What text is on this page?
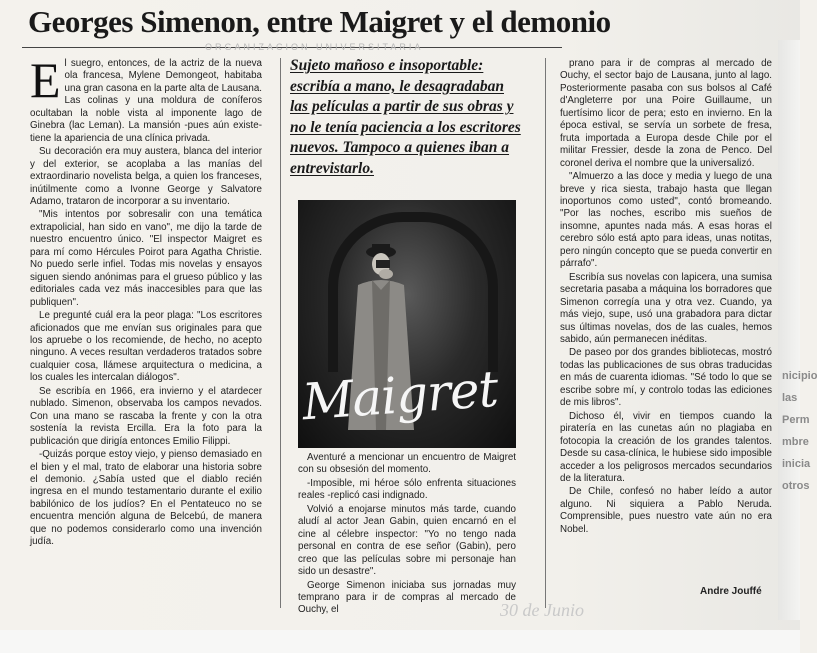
Georges Simenon, entre Maigret y el demonio
ORGANIZACION UNIVERSITARIA

El suegro, entonces, de la actriz de la nueva ola francesa, Mylene Demongeot, habitaba una gran casona en la parte alta de Lausana. Las colinas y una moldura de coníferos ocultaban la noble vista al imponente lago de Ginebra (lac Leman). La mansión -pues aún existe- tiene la apariencia de una clínica privada.

Su decoración era muy austera, blanca del interior y del exterior, se acoplaba a las manías del extraordinario novelista belga, a quien los franceses, inútilmente como a Ivonne George y Salvatore Adamo, trataron de incorporar a su inventario.

"Mis intentos por sobresalir con una temática extrapolicial, han sido en vano", me dijo la tarde de nuestro encuentro único. "El inspector Maigret es para mí como Hércules Poirot para Agatha Christie. No puedo serle infiel. Todas mis novelas y ensayos siguen siendo anónimas para el grueso público y las editoriales cada vez más inaccesibles para que las publiquen".

Le pregunté cuál era la peor plaga: "Los escritores aficionados que me envían sus originales para que los apruebe o los recomiende, de hecho, no acepto ninguno. A veces resultan verdaderos tratados sobre cualquier cosa, llámese arquitectura o medicina, a los cuales les intercalan diálogos".

Se escribía en 1966, era invierno y el atardecer nublado. Simenon, observaba los campos nevados. Con una mano se rascaba la frente y con la otra sostenía la revista Ercilla. Era la foto para la publicación que dirigía entonces Emilio Filippi.

-Quizás porque estoy viejo, y pienso demasiado en el bien y el mal, trato de elaborar una historia sobre el demonio. ¿Sabía usted que el diablo recién ingresa en el mundo testamentario durante el exilio babilónico de los judíos? En el Pentateuco no se encuentra mención alguna de Belcebú, de manera que no podemos considerarlo como una invención judía.

Sujeto mañoso e insoportable: escribía a mano, le desagradaban las películas a partir de sus obras y no le tenía paciencia a los escritores nuevos. Tampoco a quienes iban a entrevistarlo.
Maigret

Aventuré a mencionar un encuentro de Maigret con su obsesión del momento.

-Imposible, mi héroe sólo enfrenta situaciones reales -replicó casi indignado.

Volvió a enojarse minutos más tarde, cuando aludí al actor Jean Gabin, quien encarnó en el cine al célebre inspector: "Yo no tengo nada personal en contra de ese señor (Gabin), pero creo que las películas sobre mi personaje han sido un desastre".

George Simenon iniciaba sus jornadas muy temprano para ir de compras al mercado de Ouchy, el

prano para ir de compras al mercado de Ouchy, el sector bajo de Lausana, junto al lago. Posteriormente pasaba con sus bolsos al Café d'Angleterre por una Poire Guillaume, un fuertísimo licor de pera; esto en invierno. En la época estival, se servía un sorbete de fresa, fruta importada a Europa desde Chile por el militar Fressier, desde la zona de Penco. Del coronel deriva el nombre que la universalizó.

"Almuerzo a las doce y media y luego de una breve y rica siesta, trabajo hasta que llegan inoportunos como usted", contó bromeando. "Por las noches, escribo mis sueños de insomne, apuntes nada más. A esas horas el cerebro sólo está apto para ideas, unas notitas, pero ningún concepto que se pueda convertir en párrafo".

Escribía sus novelas con lapicera, una sumisa secretaria pasaba a máquina los borradores que Simenon corregía una y otra vez. Cuando, ya más viejo, supe, usó una grabadora para dictar sus últimas novelas, dos de las cuales, hemos sabido, aún permanecen inéditas.

De paseo por dos grandes bibliotecas, mostró todas las publicaciones de sus obras traducidas en más de cuarenta idiomas. "Sé todo lo que se escribe sobre mí, y controlo todas las ediciones de mis libros".

Dichoso él, vivir en tiempos cuando la piratería en las cunetas aún no plagiaba en fotocopia la creación de los grandes talentos. Desde su casa-clínica, le hubiese sido imposible acceder a los peligrosos mercados secundarios de la literatura.

De Chile, confesó no haber leído a autor alguno. Ni siquiera a Pablo Neruda. Comprensible, pues nuestro vate aún no era Nobel.

Andre Jouffé
nicipio
las
Perm
mbre
inicia
otros
30 de Junio
